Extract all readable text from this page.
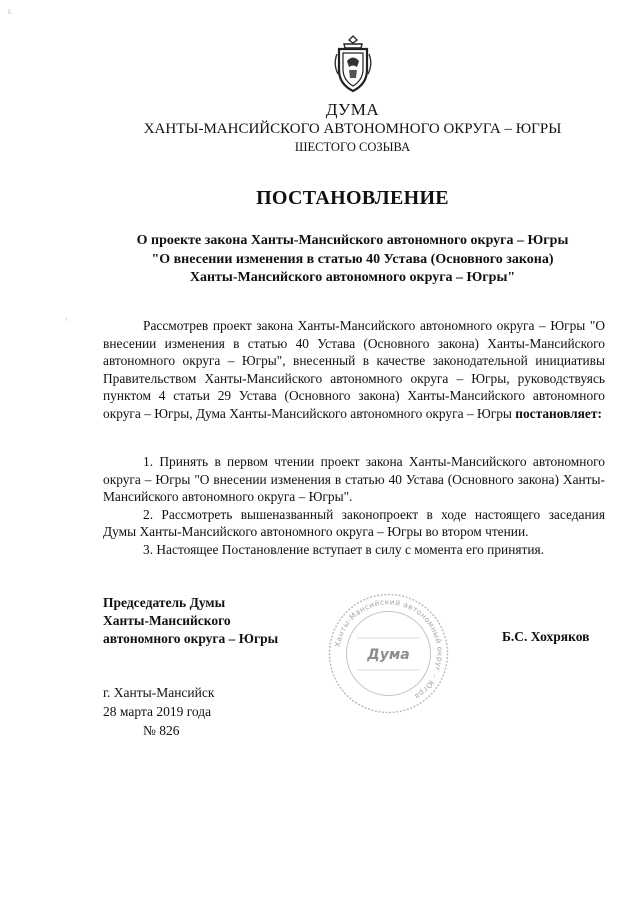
ᴸ
ᵢ
ДУМА
ХАНТЫ-МАНСИЙСКОГО АВТОНОМНОГО ОКРУГА – ЮГРЫ
ШЕСТОГО СОЗЫВА
ПОСТАНОВЛЕНИЕ
О проекте закона Ханты-Мансийского автономного округа – Югры
"О внесении изменения в статью 40 Устава (Основного закона)
Ханты-Мансийского автономного округа – Югры"

Рассмотрев проект закона Ханты-Мансийского автономного округа – Югры "О внесении изменения в статью 40 Устава (Основного закона) Ханты-Мансийского автономного округа – Югры", внесенный в качестве законодательной инициативы Правительством Ханты-Мансийского автономного округа – Югры, руководствуясь пунктом 4 статьи 29 Устава (Основного закона) Ханты-Мансийского автономного округа – Югры, Дума Ханты-Мансийского автономного округа – Югры постановляет:

1. Принять в первом чтении проект закона Ханты-Мансийского автономного округа – Югры "О внесении изменения в статью 40 Устава (Основного закона) Ханты-Мансийского автономного округа – Югры".

2. Рассмотреть вышеназванный законопроект в ходе настоящего заседания Думы Ханты-Мансийского автономного округа – Югры во втором чтении.

3. Настоящее Постановление вступает в силу с момента его принятия.

Председатель Думы
Ханты-Мансийского
автономного округа – Югры	Ханты-Мансийский автономный округ – Югра
Дума
Б.С. Хохряков
г. Ханты-Мансийск
28 марта 2019 года
№ 826
